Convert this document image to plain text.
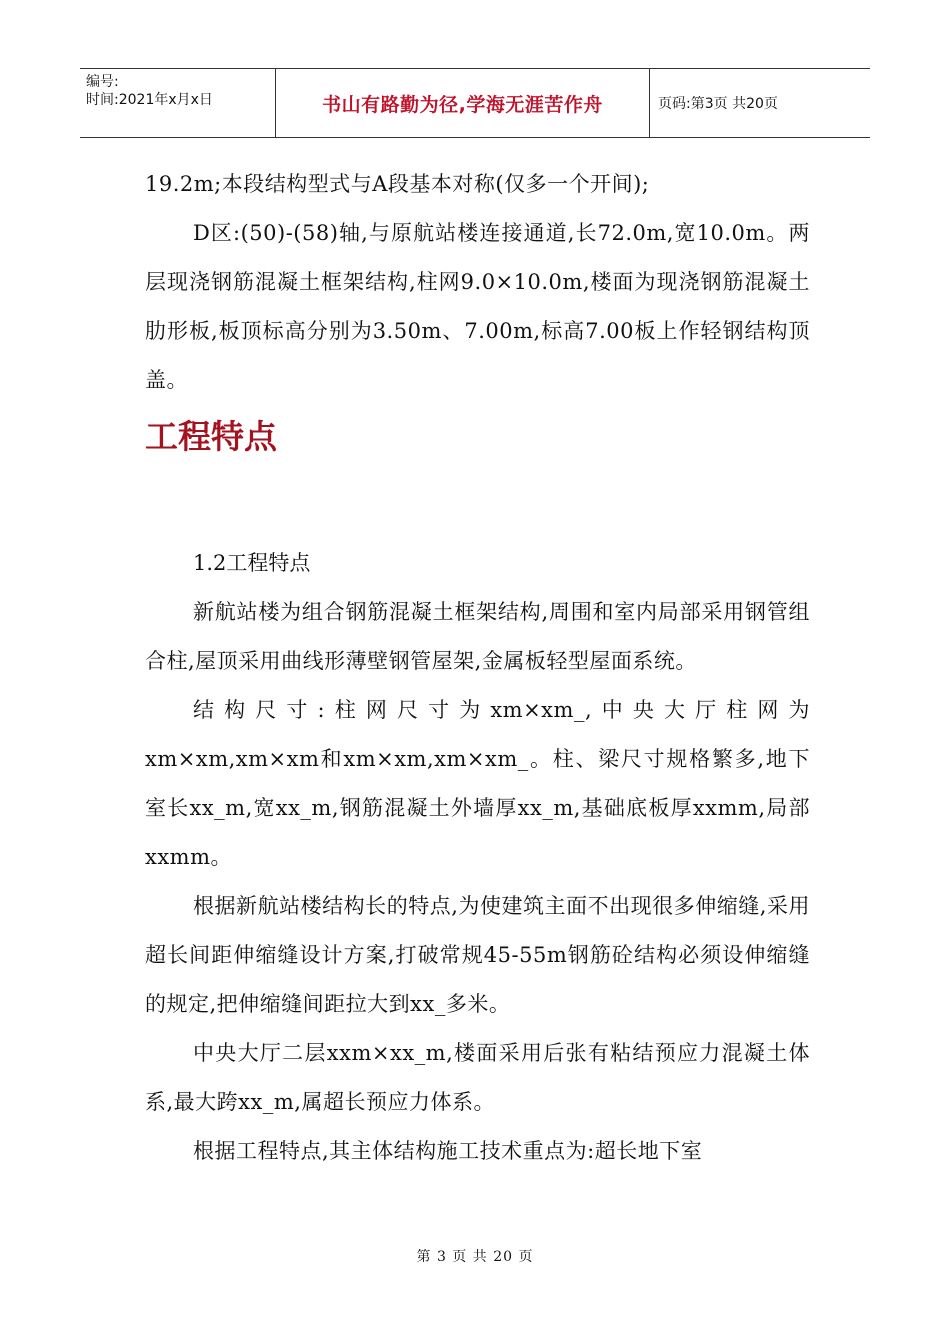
编号:
时间:2021年x月x日	书山有路勤为径,学海无涯苦作舟	页码:第3页 共20页

19.2m;本段结构型式与A段基本对称(仅多一个开间);

D区:(50)-(58)轴,与原航站楼连接通道,长72.0m,宽10.0m。两层现浇钢筋混凝土框架结构,柱网9.0×10.0m,楼面为现浇钢筋混凝土肋形板,板顶标高分别为3.50m、7.00m,标高7.00板上作轻钢结构顶盖。

工程特点

1.2工程特点

新航站楼为组合钢筋混凝土框架结构,周围和室内局部采用钢管组合柱,屋顶采用曲线形薄壁钢管屋架,金属板轻型屋面系统。

结构尺寸:柱网尺寸为xm×xm_,中央大厅柱网为xm×xm,xm×xm和xm×xm,xm×xm_。柱、梁尺寸规格繁多,地下室长xx_m,宽xx_m,钢筋混凝土外墙厚xx_m,基础底板厚xxmm,局部xxmm。

根据新航站楼结构长的特点,为使建筑主面不出现很多伸缩缝,采用超长间距伸缩缝设计方案,打破常规45-55m钢筋砼结构必须设伸缩缝的规定,把伸缩缝间距拉大到xx_多米。

中央大厅二层xxm×xx_m,楼面采用后张有粘结预应力混凝土体系,最大跨xx_m,属超长预应力体系。

根据工程特点,其主体结构施工技术重点为:超长地下室

第 3 页 共 20 页
